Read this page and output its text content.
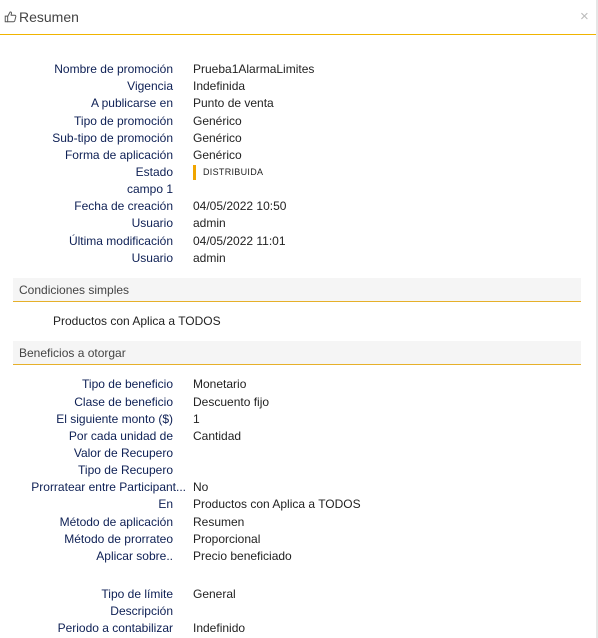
Resumen	×
Nombre de promoción Prueba1AlarmaLimites
Vigencia Indefinida
A publicarse en Punto de venta
Tipo de promoción Genérico
Sub-tipo de promoción Genérico
Forma de aplicación Genérico
Estado	DISTRIBUIDA
campo 1
Fecha de creación 04/05/2022 10:50
Usuario admin
Última modificación 04/05/2022 11:01
Usuario admin
Condiciones simples
Productos con Aplica a TODOS
Beneficios a otorgar
Tipo de beneficio Monetario
Clase de beneficio Descuento fijo
El siguiente monto ($) 1
Por cada unidad de Cantidad
Valor de Recupero
Tipo de Recupero
Prorratear entre Participant... No
En Productos con Aplica a TODOS
Método de aplicación Resumen
Método de prorrateo Proporcional
Aplicar sobre.. Precio beneficiado
Tipo de límite General
Descripción
Periodo a contabilizar Indefinido
